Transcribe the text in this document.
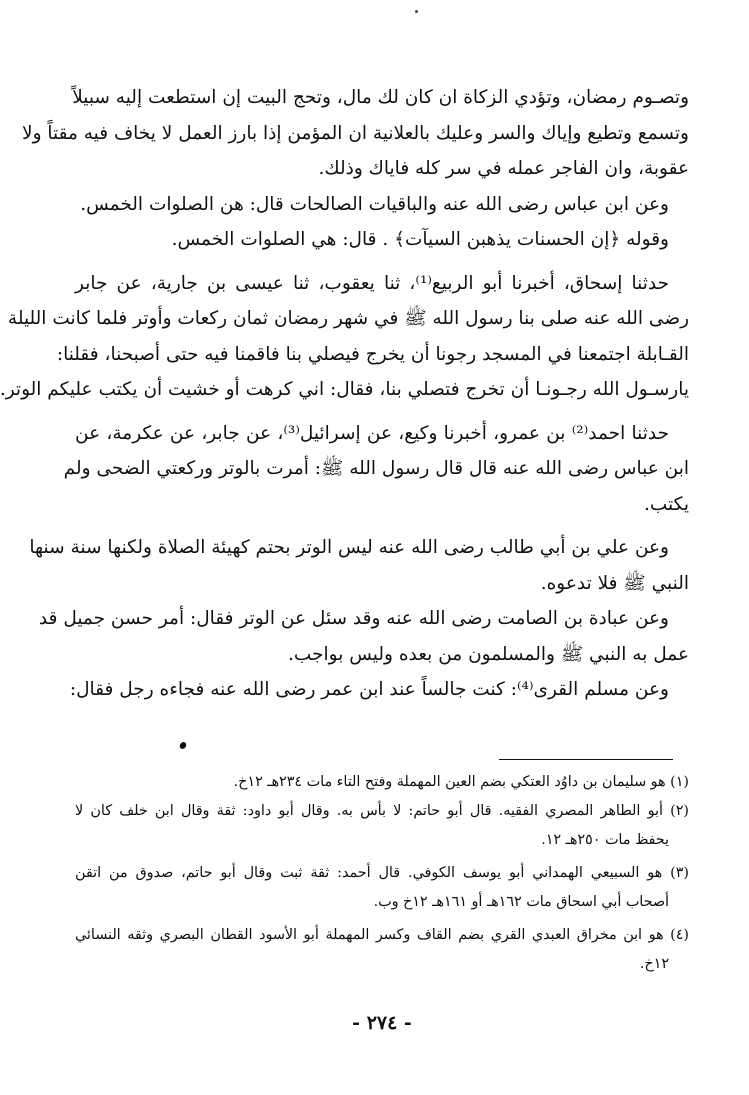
وتصـوم رمضان، وتؤدي الزكاة ان كان لك مال، وتحج البيت إن استطعت إليه سبيلاً
وتسمع وتطيع وإياك والسر وعليك بالعلانية ان المؤمن إذا بارز العمل لا يخاف فيه مقتاً ولا
عقوبة، وان الفاجر عمله في سر كله فاياك وذلك.
وعن ابن عباس رضى الله عنه والباقيات الصالحات قال: هن الصلوات الخمس.
وقوله ﴿إن الحسنات يذهبن السيآت﴾ . قال: هي الصلوات الخمس.
حدثنا إسحاق، أخبرنا أبو الربيع⁽¹⁾، ثنا يعقوب، ثنا عيسى بن جارية، عن جابر
رضى الله عنه صلى بنا رسول الله ﷺ في شهر رمضان ثمان ركعات وأوتر فلما كانت الليلة
القـابلة اجتمعنا في المسجد رجونا أن يخرج فيصلي بنا فاقمنا فيه حتى أصبحنا، فقلنا:
يارسـول الله رجـونـا أن تخرج فتصلي بنا، فقال: اني كرهت أو خشيت أن يكتب عليكم الوتر.
حدثنا احمد⁽²⁾ بن عمرو، أخبرنا وكيع، عن إسرائيل⁽³⁾، عن جابر، عن عكرمة، عن
ابن عباس رضى الله عنه قال قال رسول الله ﷺ: أمرت بالوتر وركعتي الضحى ولم
يكتب.
وعن علي بن أبي طالب رضى الله عنه ليس الوتر بحتم كهيئة الصلاة ولكنها سنة سنها
النبي ﷺ فلا تدعوه.
وعن عبادة بن الصامت رضى الله عنه وقد سئل عن الوتر فقال: أمر حسن جميل قد
عمل به النبي ﷺ والمسلمون من بعده وليس بواجب.
وعن مسلم القرى⁽⁴⁾: كنت جالساً عند ابن عمر رضى الله عنه فجاءه رجل فقال:
(١) هو سليمان بن داوُد العتكي بضم العين المهملة وفتح التاء مات ٢٣٤هـ ١٢خ.
(٢) أبو الطاهر المصري الفقيه. قال أبو حاتم: لا بأس به. وقال أبو داود: ثقة وقال ابن خلف كان لا
يحفظ مات ٢٥٠هـ ١٢.
(٣) هو السبيعي الهمداني أبو يوسف الكوفي. قال أحمد: ثقة ثبت وقال أبو حاتم، صدوق من اتقن
أصحاب أبي اسحاق مات ١٦٢هـ أو ١٦١هـ ١٢خ وب.
(٤) هو ابن مخراق العبدي القري بضم القاف وكسر المهملة أبو الأسود القطان البصري وثقه النسائي
١٢خ.
- ٢٧٤ -
